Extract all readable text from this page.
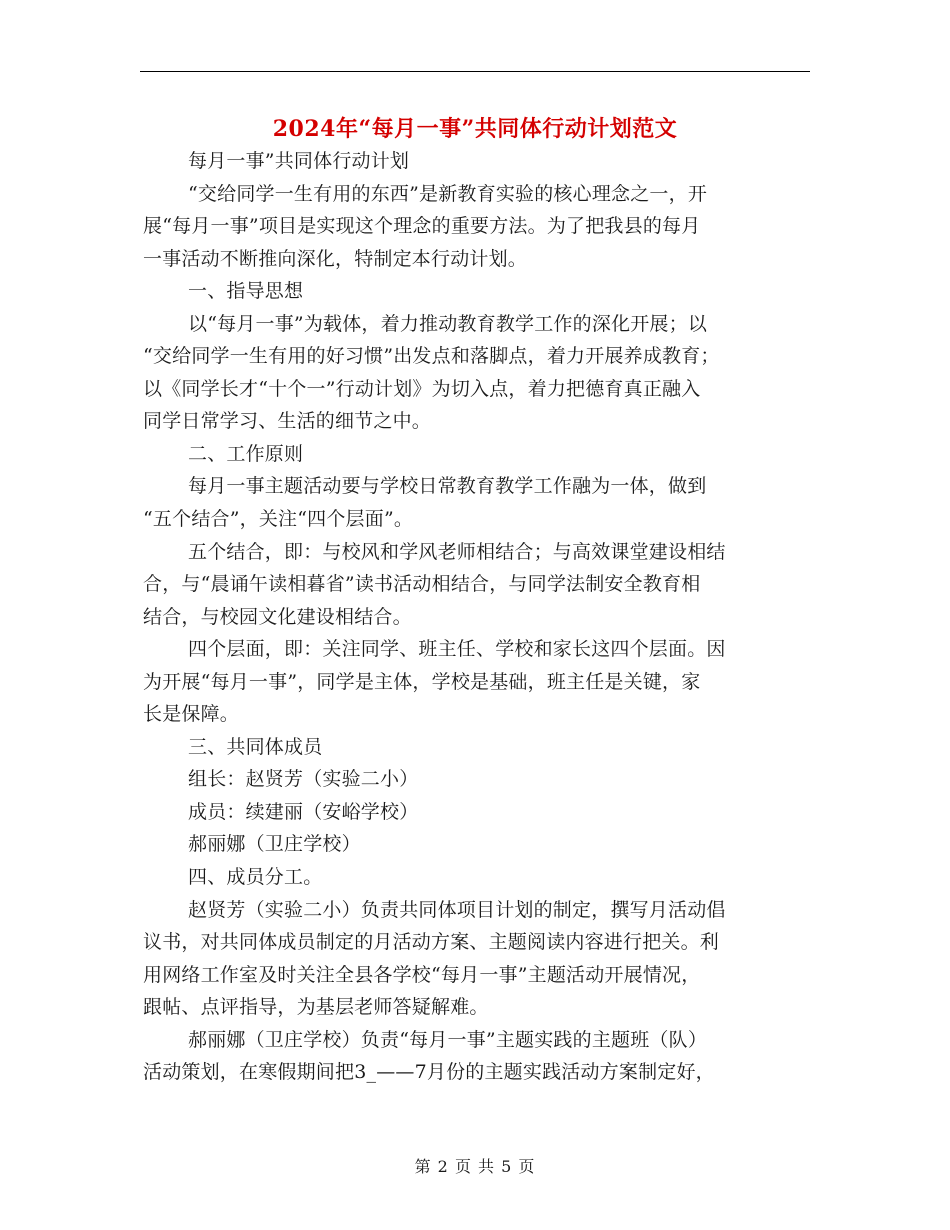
2024年“每月一事”共同体行动计划范文
每月一事”共同体行动计划
“交给同学一生有用的东西”是新教育实验的核心理念之一，开
展“每月一事”项目是实现这个理念的重要方法。为了把我县的每月
一事活动不断推向深化，特制定本行动计划。
一、指导思想
以“每月一事”为载体，着力推动教育教学工作的深化开展；以
“交给同学一生有用的好习惯”出发点和落脚点，着力开展养成教育；
以《同学长才“十个一”行动计划》为切入点，着力把德育真正融入
同学日常学习、生活的细节之中。
二、工作原则
每月一事主题活动要与学校日常教育教学工作融为一体，做到
“五个结合”，关注“四个层面”。
五个结合，即：与校风和学风老师相结合；与高效课堂建设相结
合，与“晨诵午读相暮省”读书活动相结合，与同学法制安全教育相
结合，与校园文化建设相结合。
四个层面，即：关注同学、班主任、学校和家长这四个层面。因
为开展“每月一事”，同学是主体，学校是基础，班主任是关键，家
长是保障。
三、共同体成员
组长：赵贤芳（实验二小）
成员：续建丽（安峪学校）
郝丽娜（卫庄学校）
四、成员分工。
赵贤芳（实验二小）负责共同体项目计划的制定，撰写月活动倡
议书，对共同体成员制定的月活动方案、主题阅读内容进行把关。利
用网络工作室及时关注全县各学校“每月一事”主题活动开展情况，
跟帖、点评指导，为基层老师答疑解难。
郝丽娜（卫庄学校）负责“每月一事”主题实践的主题班（队）
活动策划，在寒假期间把3_——7月份的主题实践活动方案制定好，
第 2 页 共 5 页
